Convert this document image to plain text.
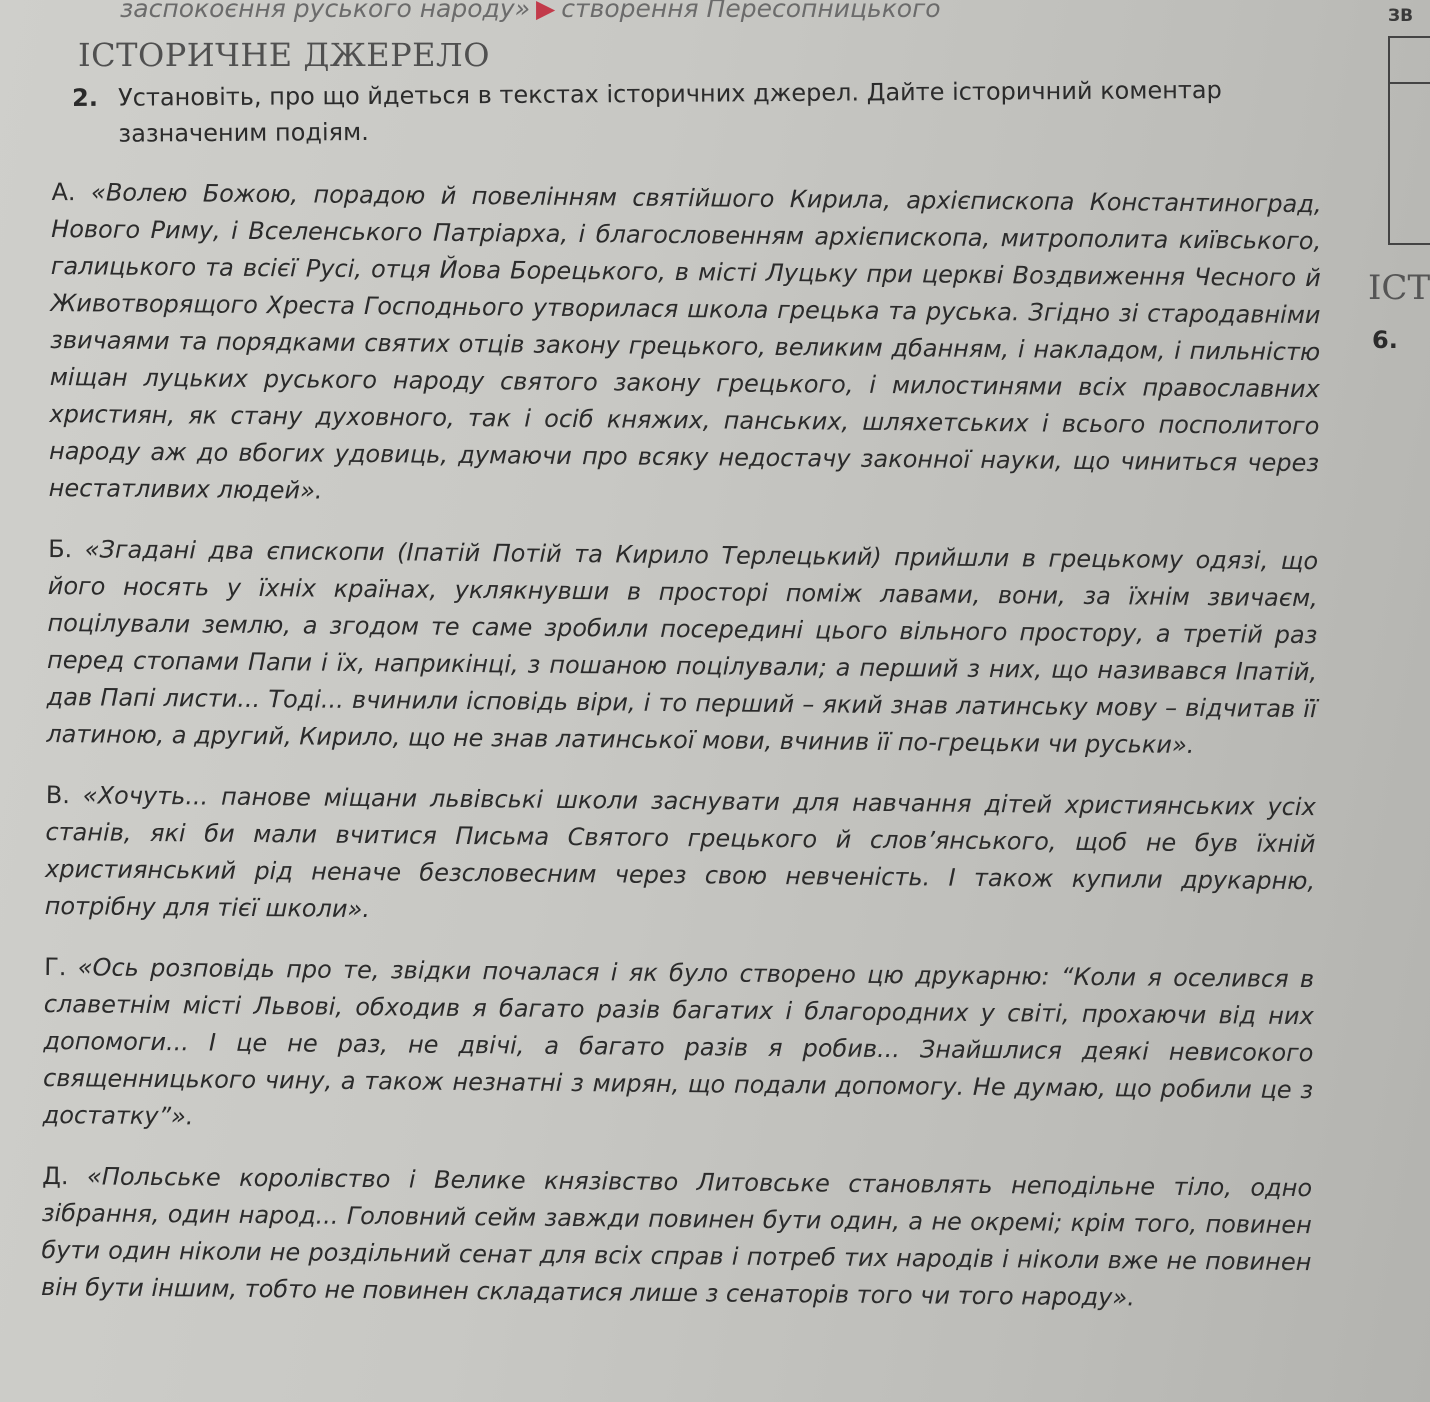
заспокоєння руського народу» ▶ створення Пересопницького	ЗВ
ІСТ
6.
ІСТОРИЧНЕ ДЖЕРЕЛО
2. Установіть, про що йдеться в текстах історичних джерел. Дайте історичний коментар зазначеним подіям.

А. «Волею Божою, порадою й повелінням святійшого Кирила, архієпископа Константиноград, Нового Риму, і Вселенського Патріарха, і благословенням архієпископа, митрополита київського, галицького та всієї Русі, отця Йова Борецького, в місті Луцьку при церкві Воздвиження Чесного й Животворящого Хреста Господнього утворилася школа грецька та руська. Згідно зі стародавніми звичаями та порядками святих отців закону грецького, великим дбанням, і накладом, і пильністю міщан луцьких руського народу святого закону грецького, і милостинями всіх православних християн, як стану духовного, так і осіб княжих, панських, шляхетських і всього посполитого народу аж до вбогих удовиць, думаючи про всяку недостачу законної науки, що чиниться через нестатливих людей».

Б. «Згадані два єпископи (Іпатій Потій та Кирило Терлецький) прийшли в грецькому одязі, що його носять у їхніх країнах, уклякнувши в просторі поміж лавами, вони, за їхнім звичаєм, поцілували землю, а згодом те саме зробили посередині цього вільного простору, а третій раз перед стопами Папи і їх, наприкінці, з пошаною поцілували; а перший з них, що називався Іпатій, дав Папі листи... Тоді... вчинили ісповідь віри, і то перший – який знав латинську мову – відчитав її латиною, а другий, Кирило, що не знав латинської мови, вчинив її по-грецьки чи руськи».

В. «Хочуть... панове міщани львівські школи заснувати для навчання дітей християнських усіх станів, які би мали вчитися Письма Святого грецького й слов’янського, щоб не був їхній християнський рід неначе безсловесним через свою невченість. І також купили друкарню, потрібну для тієї школи».

Г. «Ось розповідь про те, звідки почалася і як було створено цю друкарню: “Коли я оселився в славетнім місті Львові, обходив я багато разів багатих і благородних у світі, прохаючи від них допомоги... І це не раз, не двічі, а багато разів я робив... Знайшлися деякі невисокого священницького чину, а також незнатні з мирян, що подали допомогу. Не думаю, що робили це з достатку”».

Д. «Польське королівство і Велике князівство Литовське становлять неподільне тіло, одно зібрання, один народ... Головний сейм завжди повинен бути один, а не окремі; крім того, повинен бути один ніколи не роздільний сенат для всіх справ і потреб тих народів і ніколи вже не повинен він бути іншим, тобто не повинен складатися лише з сенаторів того чи того народу».
